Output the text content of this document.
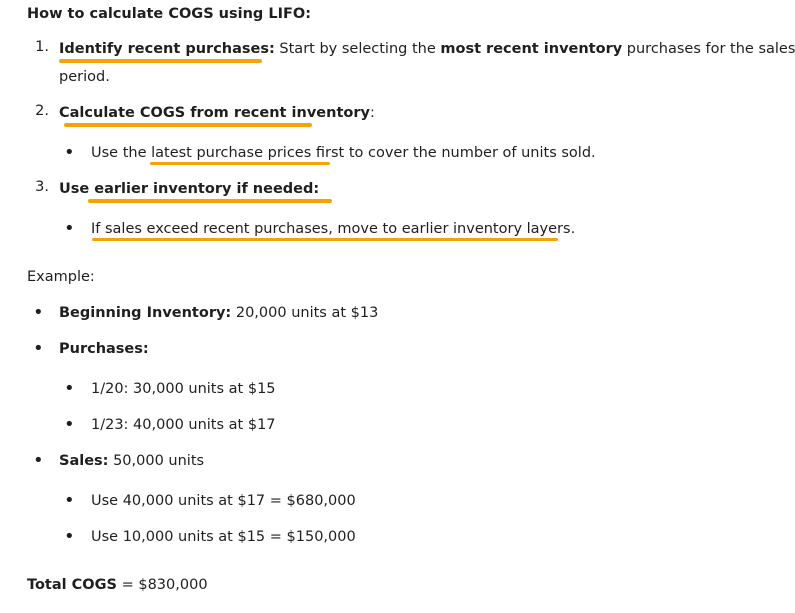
How to calculate COGS using LIFO:
1. Identify recent purchases: Start by selecting the most recent inventory purchases for the sales
period.
2. Calculate COGS from recent inventory:
• Use the latest purchase prices first to cover the number of units sold.
3. Use earlier inventory if needed:
• If sales exceed recent purchases, move to earlier inventory layers.
Example:
• Beginning Inventory: 20,000 units at $13
• Purchases:
• 1/20: 30,000 units at $15
• 1/23: 40,000 units at $17
• Sales: 50,000 units
• Use 40,000 units at $17 = $680,000
• Use 10,000 units at $15 = $150,000
Total COGS = $830,000
